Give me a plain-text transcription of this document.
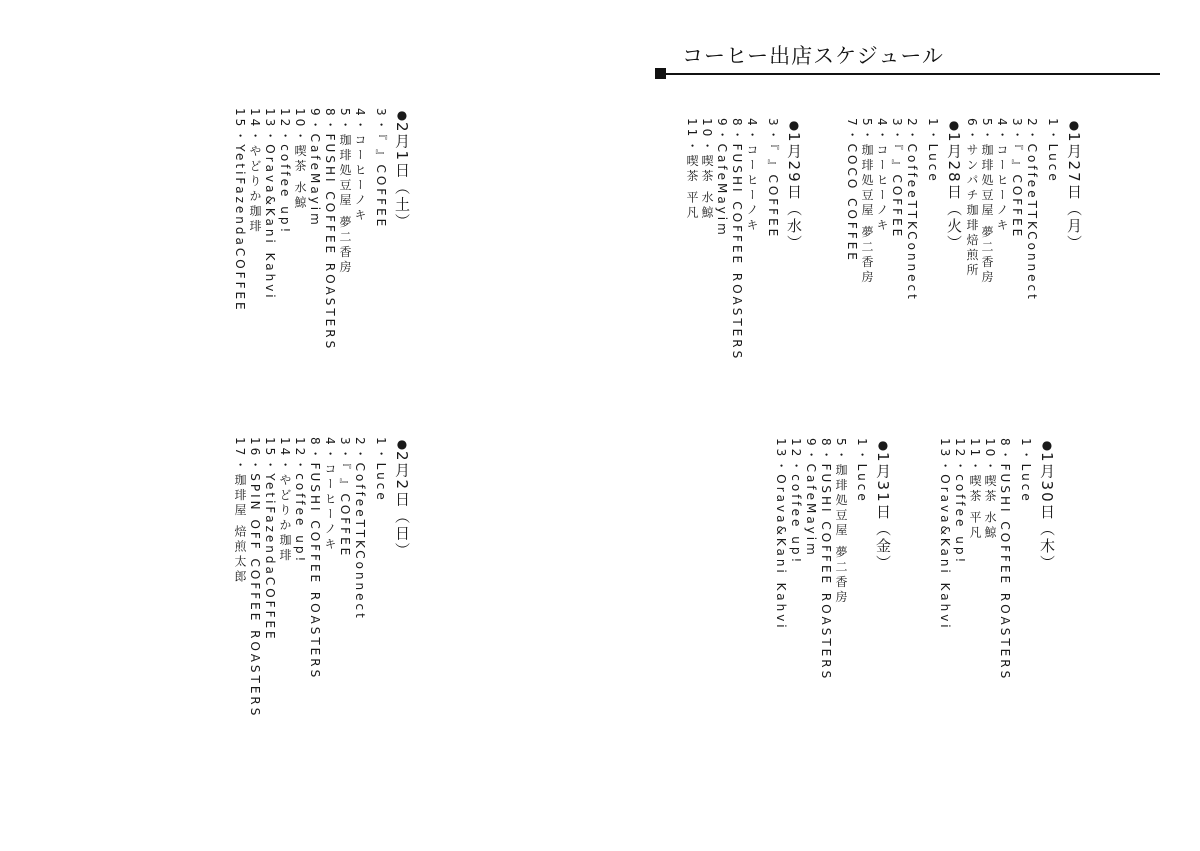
コーヒー出店スケジュール
●1月27日（月）
1・Luce
2・CoffeeTTKConnect
3・『 』COFFEE
4・コーヒーノキ
5・珈琲処豆屋 夢二香房
6・サンパチ珈琲焙煎所
●1月28日（火）
1・Luce
2・CoffeeTTKConnect
3・『 』COFFEE
4・コーヒーノキ
5・珈琲処豆屋 夢二香房
7・COCO COFFEE
●1月29日（水）
3・『 』COFFEE
4・コーヒーノキ
8・FUSHI COFFEE ROASTERS
9・CafeMayim
10・喫茶 水鯨
11・喫茶 平凡
●1月30日（木）
1・Luce
8・FUSHI COFFEE ROASTERS
10・喫茶 水鯨
11・喫茶 平凡
12・coffee up!
13・Orava&Kani Kahvi
●1月31日（金）
1・Luce
5・珈琲処豆屋 夢二香房
8・FUSHI COFFEE ROASTERS
9・CafeMayim
12・coffee up!
13・Orava&Kani Kahvi
●2月1日（土）
3・『 』COFFEE
4・コーヒーノキ
5・珈琲処豆屋 夢二香房
8・FUSHI COFFEE ROASTERS
9・CafeMayim
10・喫茶 水鯨
12・coffee up!
13・Orava&Kani Kahvi
14・やどりか珈琲
15・YetiFazendaCOFFEE
●2月2日（日）
1・Luce
2・CoffeeTTKConnect
3・『 』COFFEE
4・コーヒーノキ
8・FUSHI COFFEE ROASTERS
12・coffee up!
14・やどりか珈琲
15・YetiFazendaCOFFEE
16・SPIN OFF COFFEE ROASTERS
17・珈琲屋 焙煎太郎
